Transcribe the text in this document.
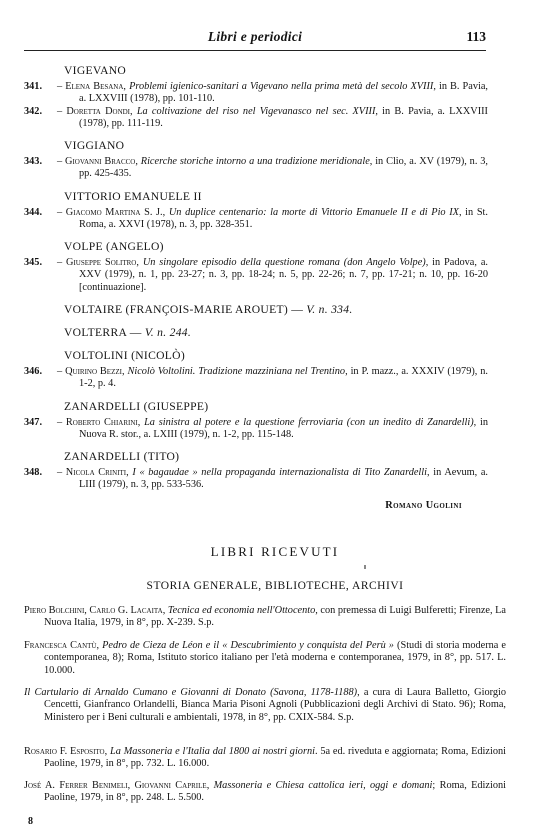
Libri e periodici	113
VIGEVANO
341. – Elena Besana, Problemi igienico-sanitari a Vigevano nella prima metà del secolo XVIII, in B. Pavia, a. LXXVIII (1978), pp. 101-110.
342. – Doretta Dondi, La coltivazione del riso nel Vigevanasco nel sec. XVIII, in B. Pavia, a. LXXVIII (1978), pp. 111-119.
VIGGIANO
343. – Giovanni Bracco, Ricerche storiche intorno a una tradizione meridionale, in Clio, a. XV (1979), n. 3, pp. 425-435.
VITTORIO EMANUELE II
344. – Giacomo Martina S. J., Un duplice centenario: la morte di Vittorio Emanuele II e di Pio IX, in St. Roma, a. XXVI (1978), n. 3, pp. 328-351.
VOLPE (ANGELO)
345. – Giuseppe Solitro, Un singolare episodio della questione romana (don Angelo Volpe), in Padova, a. XXV (1979), n. 1, pp. 23-27; n. 3, pp. 18-24; n. 5, pp. 22-26; n. 7, pp. 17-21; n. 10, pp. 16-20 [continuazione].
VOLTAIRE (FRANÇOIS-MARIE AROUET) — V. n. 334.
VOLTERRA — V. n. 244.
VOLTOLINI (NICOLÒ)
346. – Quirino Bezzi, Nicolò Voltolini. Tradizione mazziniana nel Trentino, in P. mazz., a. XXXIV (1979), n. 1-2, p. 4.
ZANARDELLI (GIUSEPPE)
347. – Roberto Chiarini, La sinistra al potere e la questione ferroviaria (con un inedito di Zanardelli), in Nuova R. stor., a. LXIII (1979), n. 1-2, pp. 115-148.
ZANARDELLI (TITO)
348. – Nicola Criniti, I « bagaudae » nella propaganda internazionalista di Tito Zanardelli, in Aevum, a. LIII (1979), n. 3, pp. 533-536.
Romano Ugolini
LIBRI RICEVUTI
STORIA GENERALE, BIBLIOTECHE, ARCHIVI
Piero Bolchini, Carlo G. Lacaita, Tecnica ed economia nell'Ottocento, con premessa di Luigi Bulferetti; Firenze, La Nuova Italia, 1979, in 8°, pp. X-239. S.p.
Francesca Cantù, Pedro de Cieza de Léon e il « Descubrimiento y conquista del Perù » (Studi di storia moderna e contemporanea, 8); Roma, Istituto storico italiano per l'età moderna e contemporanea, 1979, in 8°, pp. 517. L. 10.000.
Il Cartulario di Arnaldo Cumano e Giovanni di Donato (Savona, 1178-1188), a cura di Laura Balletto, Giorgio Cencetti, Gianfranco Orlandelli, Bianca Maria Pisoni Agnoli (Pubblicazioni degli Archivi di Stato. 96); Roma, Ministero per i Beni culturali e ambientali, 1978, in 8°, pp. CXIX-584. S.p.
Rosario F. Esposito, La Massoneria e l'Italia dal 1800 ai nostri giorni. 5a ed. riveduta e aggiornata; Roma, Edizioni Paoline, 1979, in 8°, pp. 732. L. 16.000.
José A. Ferrer Benimeli, Giovanni Caprile, Massoneria e Chiesa cattolica ieri, oggi e domani; Roma, Edizioni Paoline, 1979, in 8°, pp. 248. L. 5.500.
8
